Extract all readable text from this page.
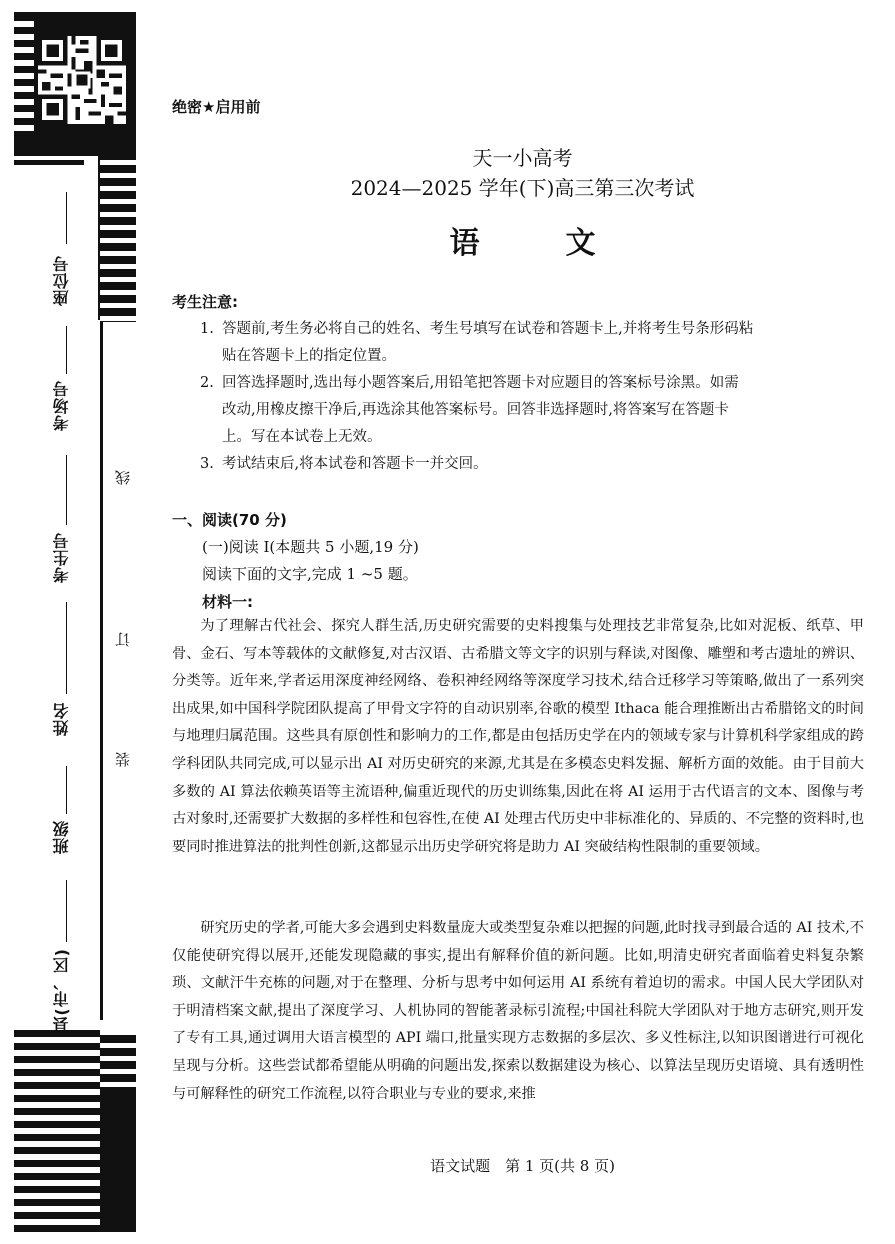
座位号
考场号
考生号
姓名
班级
县(市、区)
线
订
装
绝密★启用前
天一小高考
2024—2025 学年(下)高三第三次考试
语　文
考生注意:
1. 答题前,考生务必将自己的姓名、考生号填写在试卷和答题卡上,并将考生号条形码粘
贴在答题卡上的指定位置。
2. 回答选择题时,选出每小题答案后,用铅笔把答题卡对应题目的答案标号涂黑。如需
改动,用橡皮擦干净后,再选涂其他答案标号。回答非选择题时,将答案写在答题卡
上。写在本试卷上无效。
3. 考试结束后,将本试卷和答题卡一并交回。
一、阅读(70 分)
(一)阅读 Ⅰ(本题共 5 小题,19 分)
阅读下面的文字,完成 1 ~5 题。
材料一:

为了理解古代社会、探究人群生活,历史研究需要的史料搜集与处理技艺非常复杂,比如对泥板、纸草、甲骨、金石、写本等载体的文献修复,对古汉语、古希腊文等文字的识别与释读,对图像、雕塑和考古遗址的辨识、分类等。近年来,学者运用深度神经网络、卷积神经网络等深度学习技术,结合迁移学习等策略,做出了一系列突出成果,如中国科学院团队提高了甲骨文字符的自动识别率,谷歌的模型 Ithaca 能合理推断出古希腊铭文的时间与地理归属范围。这些具有原创性和影响力的工作,都是由包括历史学在内的领域专家与计算机科学家组成的跨学科团队共同完成,可以显示出 AI 对历史研究的来源,尤其是在多模态史料发掘、解析方面的效能。由于目前大多数的 AI 算法依赖英语等主流语种,偏重近现代的历史训练集,因此在将 AI 运用于古代语言的文本、图像与考古对象时,还需要扩大数据的多样性和包容性,在使 AI 处理古代历史中非标准化的、异质的、不完整的资料时,也要同时推进算法的批判性创新,这都显示出历史学研究将是助力 AI 突破结构性限制的重要领域。

研究历史的学者,可能大多会遇到史料数量庞大或类型复杂难以把握的问题,此时找寻到最合适的 AI 技术,不仅能使研究得以展开,还能发现隐藏的事实,提出有解释价值的新问题。比如,明清史研究者面临着史料复杂繁琐、文献汗牛充栋的问题,对于在整理、分析与思考中如何运用 AI 系统有着迫切的需求。中国人民大学团队对于明清档案文献,提出了深度学习、人机协同的智能著录标引流程;中国社科院大学团队对于地方志研究,则开发了专有工具,通过调用大语言模型的 API 端口,批量实现方志数据的多层次、多义性标注,以知识图谱进行可视化呈现与分析。这些尝试都希望能从明确的问题出发,探索以数据建设为核心、以算法呈现历史语境、具有透明性与可解释性的研究工作流程,以符合职业与专业的要求,来推

语文试题　第 1 页(共 8 页)
